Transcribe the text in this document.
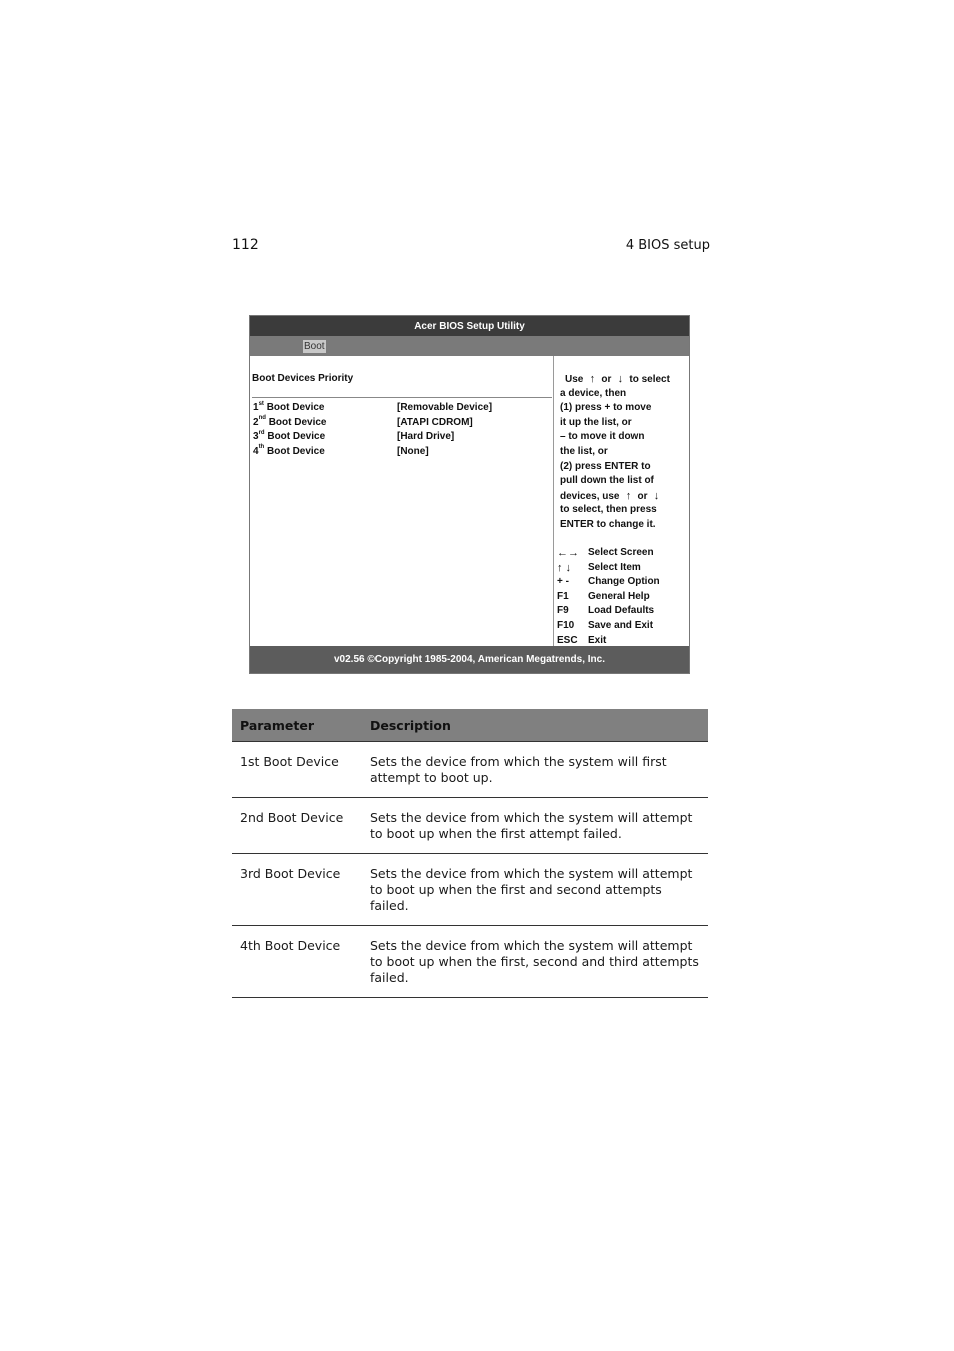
112	4 BIOS setup
Acer BIOS Setup Utility
Boot
Boot Devices Priority
1st Boot Device	[Removable Device]
2nd Boot Device	[ATAPI CDROM]
3rd Boot Device	[Hard Drive]
4th Boot Device	[None]
Use ↑ or ↓ to select
a device, then
(1) press + to move
it up the list, or
– to move it down
the list, or
(2) press ENTER to
pull down the list of
devices, use ↑ or ↓
to select, then press
ENTER to change it.
←→ Select Screen
↑ ↓ Select Item
+ - Change Option
F1 General Help
F9 Load Defaults
F10 Save and Exit
ESC Exit
v02.56 ©Copyright 1985-2004, American Megatrends, Inc.
Parameter	Description
1st Boot Device	Sets the device from which the system will first attempt to boot up.
2nd Boot Device	Sets the device from which the system will attempt to boot up when the first attempt failed.
3rd Boot Device	Sets the device from which the system will attempt to boot up when the first and second attempts failed.
4th Boot Device	Sets the device from which the system will attempt to boot up when the first, second and third attempts failed.
